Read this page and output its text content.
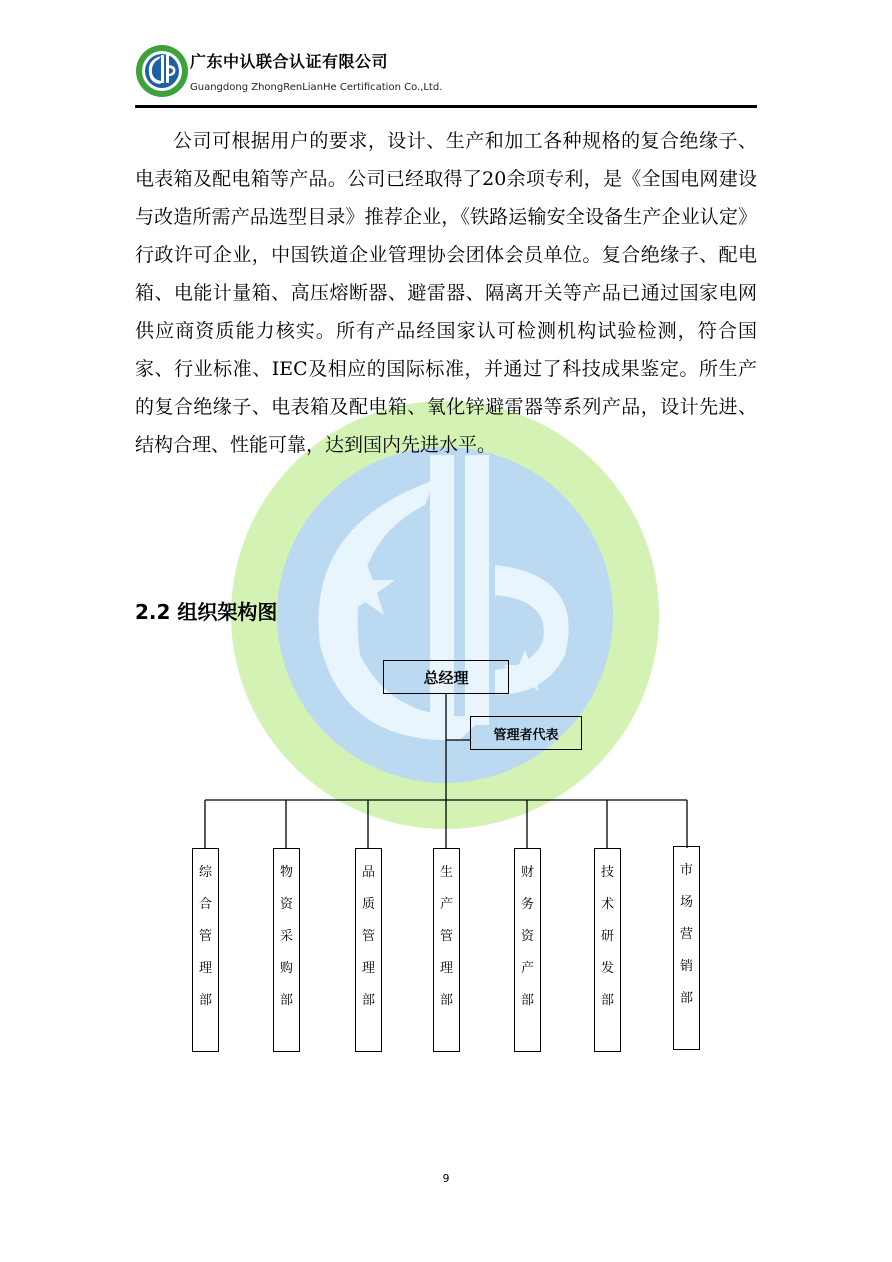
广东中认联合认证有限公司
Guangdong ZhongRenLianHe Certification Co.,Ltd.

公司可根据用户的要求，设计、生产和加工各种规格的复合绝缘子、电表箱及配电箱等产品。公司已经取得了20余项专利，是《全国电网建设与改造所需产品选型目录》推荐企业，《铁路运输安全设备生产企业认定》行政许可企业，中国铁道企业管理协会团体会员单位。复合绝缘子、配电箱、电能计量箱、高压熔断器、避雷器、隔离开关等产品已通过国家电网供应商资质能力核实。所有产品经国家认可检测机构试验检测，符合国家、行业标准、IEC及相应的国际标准，并通过了科技成果鉴定。所生产的复合绝缘子、电表箱及配电箱、氧化锌避雷器等系列产品，设计先进、结构合理、性能可靠，达到国内先进水平。

2.2 组织架构图
总经理
管理者代表
综
合
管
理
部
物
资
采
购
部
品
质
管
理
部
生
产
管
理
部
财
务
资
产
部
技
术
研
发
部
市
场
营
销
部
9
